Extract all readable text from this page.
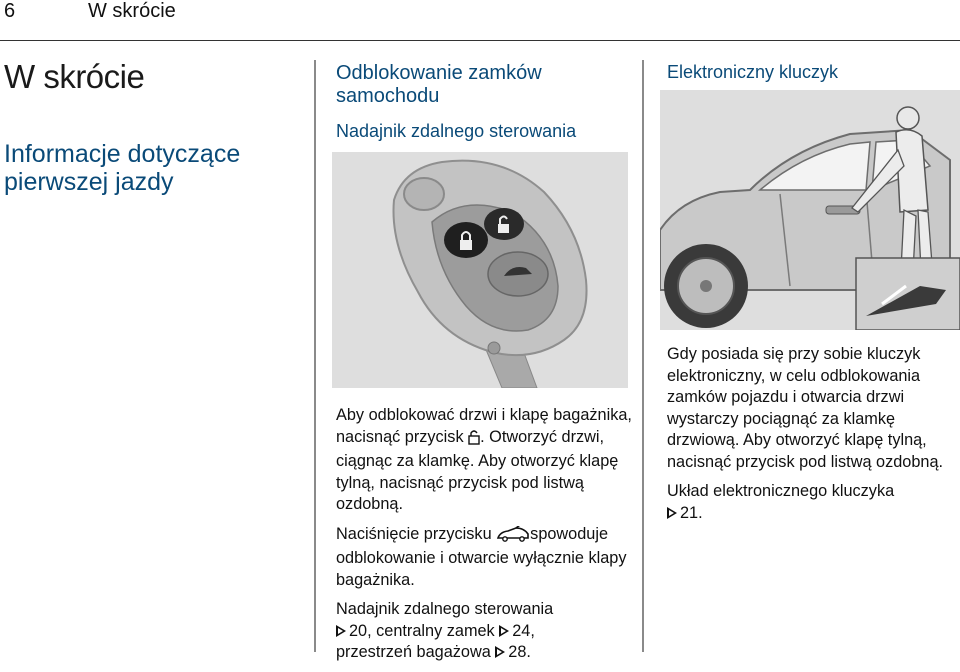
6	W skrócie
W skrócie
Informacje dotyczące pierwszej jazdy
Odblokowanie zamków samochodu
Nadajnik zdalnego sterowania

Aby odblokować drzwi i klapę bagażnika, nacisnąć przycisk . Otworzyć drzwi, ciągnąc za klamkę. Aby otworzyć klapę tylną, nacisnąć przycisk pod listwą ozdobną.

Naciśnięcie przycisku spowoduje odblokowanie i otwarcie wyłącznie klapy bagażnika.

Nadajnik zdalnego sterowania
20, centralny zamek 24,
przestrzeń bagażowa 28.

Elektroniczny kluczyk

Gdy posiada się przy sobie kluczyk elektroniczny, w celu odblokowania zamków pojazdu i otwarcia drzwi wystarczy pociągnąć za klamkę drzwiową. Aby otworzyć klapę tylną, nacisnąć przycisk pod listwą ozdobną.

Układ elektronicznego kluczyka
21.
